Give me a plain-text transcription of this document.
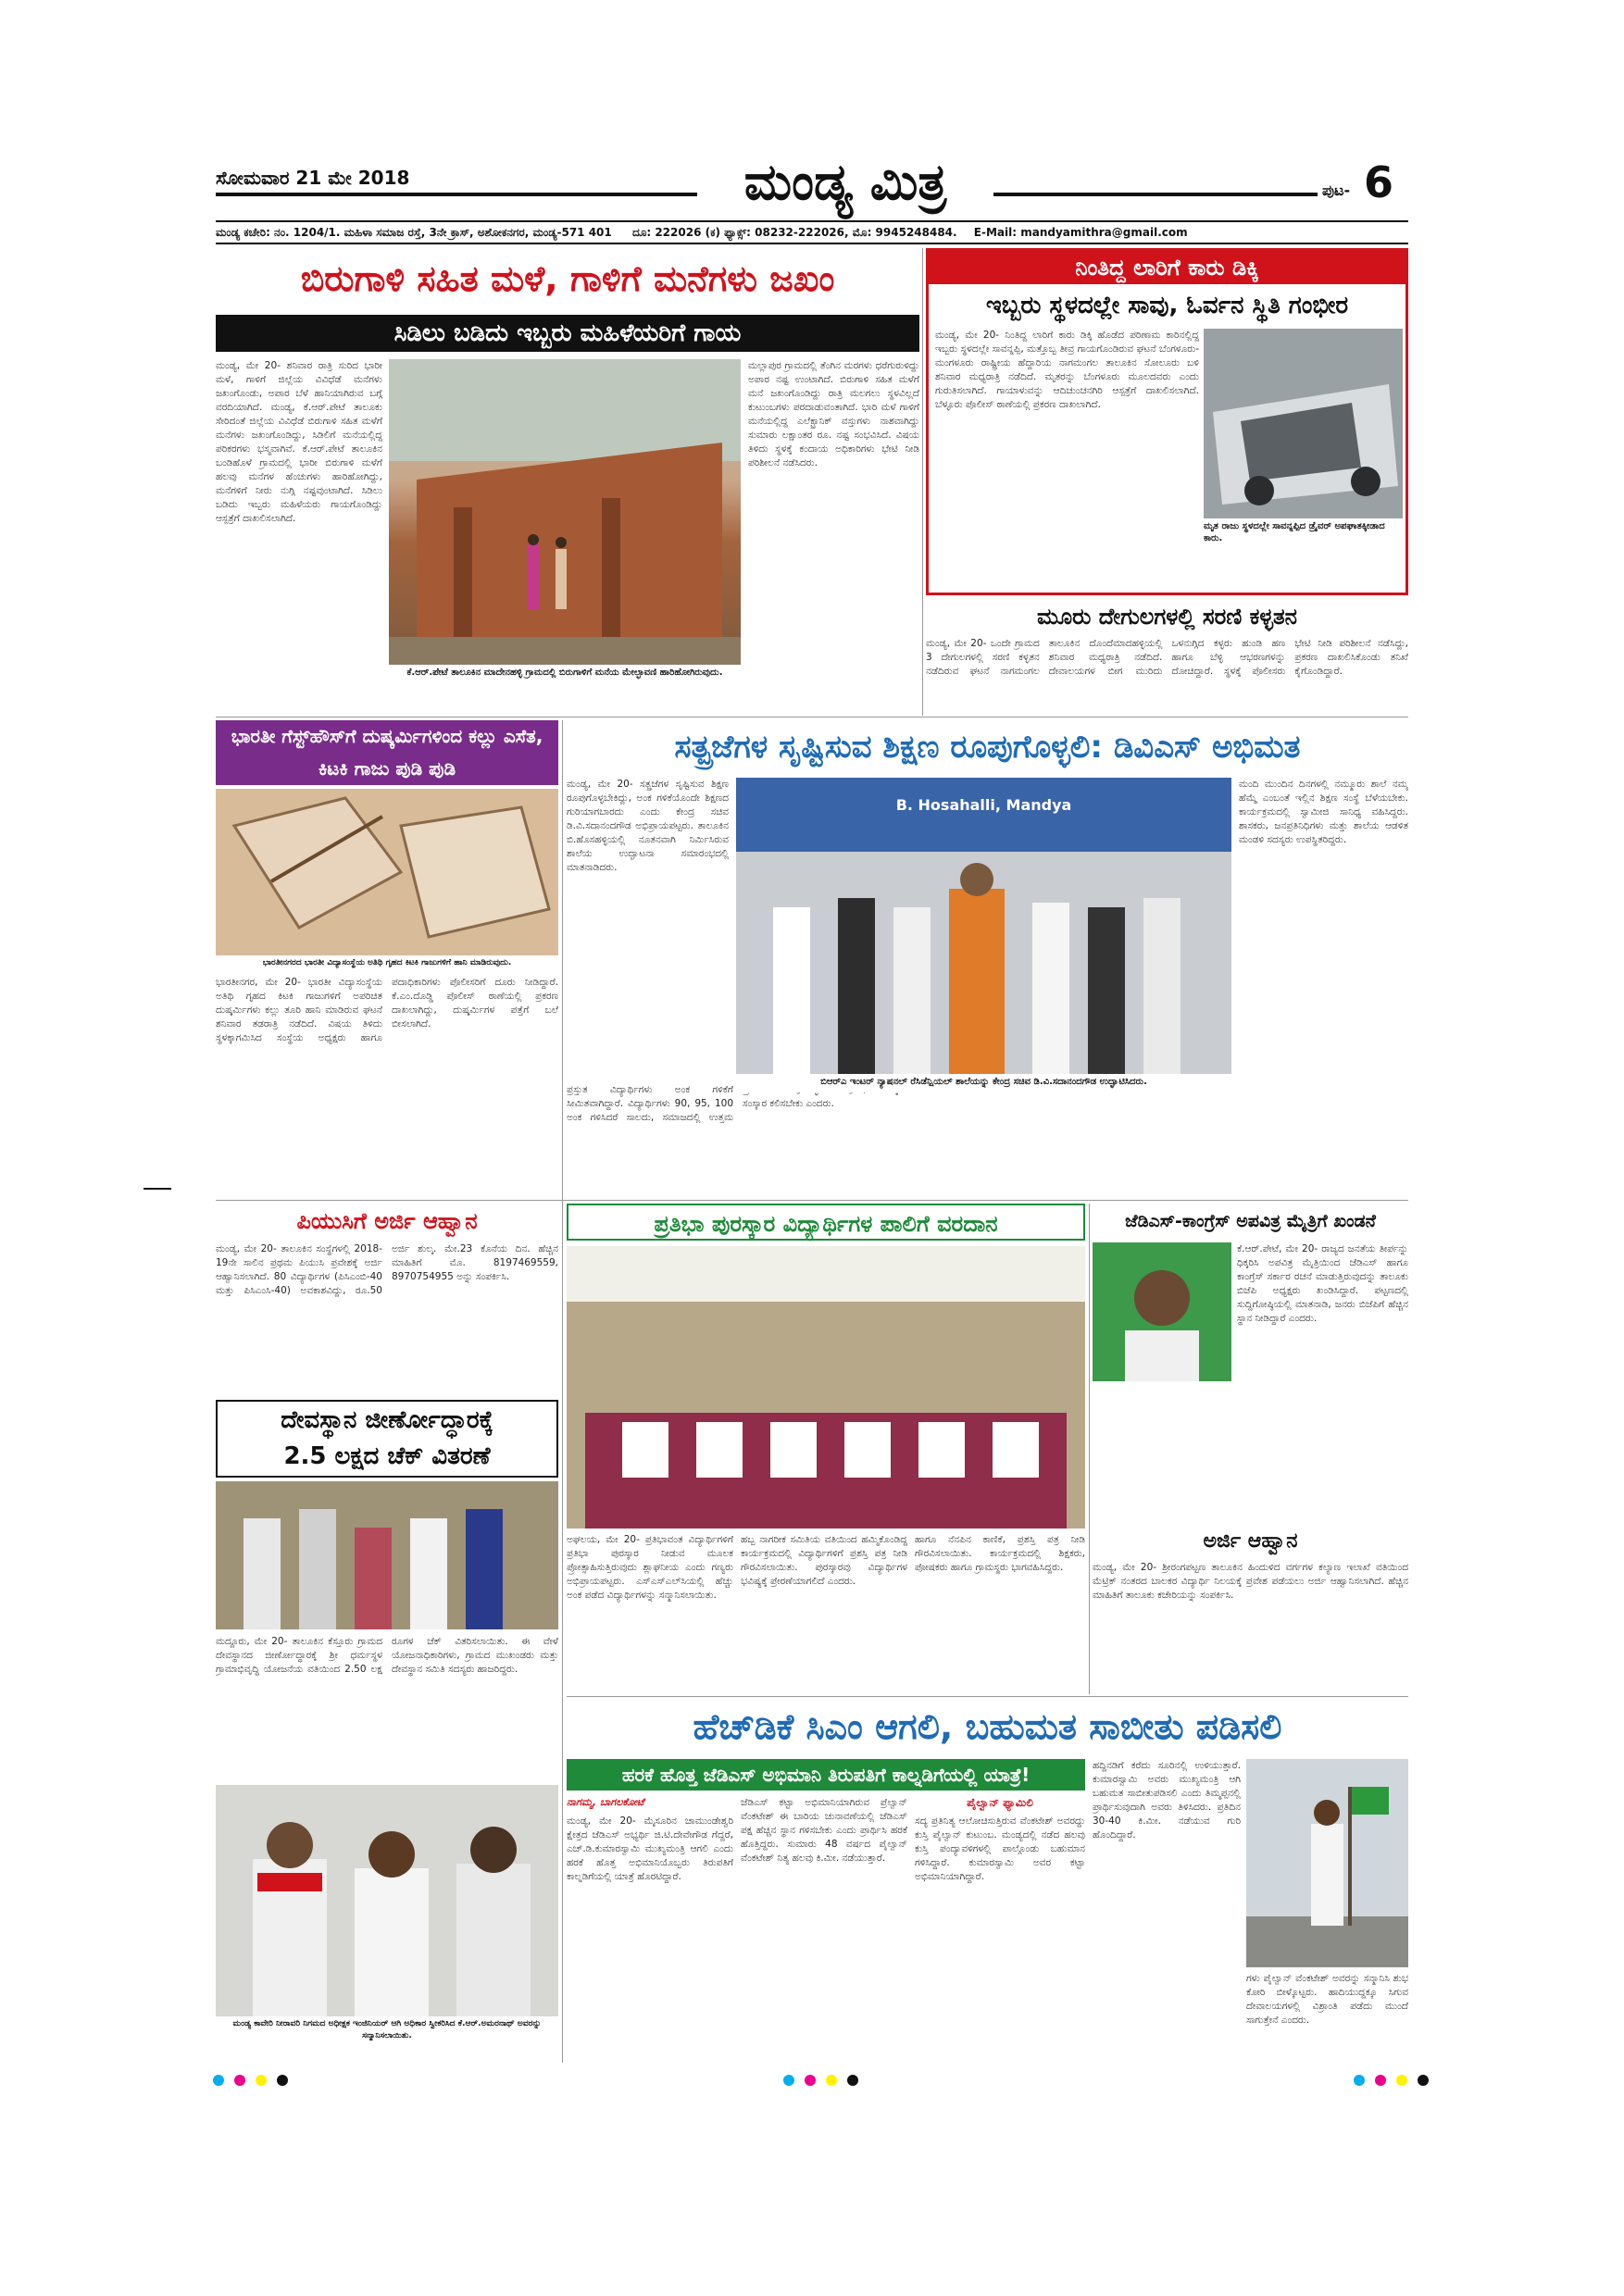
ಸೋಮವಾರ 21 ಮೇ 2018	ಮಂಡ್ಯ ಮಿತ್ರ	ಪುಟ- 6
ಮಂಡ್ಯ ಕಚೇರಿ: ನಂ. 1204/1. ಮಹಿಳಾ ಸಮಾಜ ರಸ್ತೆ, 3ನೇ ಕ್ರಾಸ್, ಅಶೋಕನಗರ, ಮಂಡ್ಯ-571 401 ದೂ: 222026 (ಕ) ಫ್ಯಾಕ್ಸ್: 08232-222026, ಮೊ: 9945248484. E-Mail: mandyamithra@gmail.com
ಬಿರುಗಾಳಿ ಸಹಿತ ಮಳೆ, ಗಾಳಿಗೆ ಮನೆಗಳು ಜಖಂ
ಸಿಡಿಲು ಬಡಿದು ಇಬ್ಬರು ಮಹಿಳೆಯರಿಗೆ ಗಾಯ
ಮಂಡ್ಯ, ಮೇ 20- ಶನಿವಾರ ರಾತ್ರಿ ಸುರಿದ ಭಾರೀ ಮಳೆ, ಗಾಳಿಗೆ ಜಿಲ್ಲೆಯ ವಿವಿಧೆಡೆ ಮನೆಗಳು ಜಖಂಗೊಂಡು, ಅಪಾರ ಬೆಳೆ ಹಾನಿಯಾಗಿರುವ ಬಗ್ಗೆ ವರದಿಯಾಗಿದೆ. ಮಂಡ್ಯ, ಕೆ.ಆರ್.ಪೇಟೆ ತಾಲೂಕು ಸೇರಿದಂತೆ ಜಿಲ್ಲೆಯ ವಿವಿಧೆಡೆ ಬಿರುಗಾಳಿ ಸಹಿತ ಮಳೆಗೆ ಮನೆಗಳು ಜಖಂಗೊಂಡಿದ್ದು, ಸಿಡಿಲಿಗೆ ಮನೆಯಲ್ಲಿದ್ದ ಪರಿಕರಗಳು ಭಸ್ಮವಾಗಿವೆ. ಕೆ.ಆರ್.ಪೇಟೆ ತಾಲೂಕಿನ ಬಂಡಿಹೊಳೆ ಗ್ರಾಮದಲ್ಲಿ ಭಾರೀ ಬಿರುಗಾಳಿ ಮಳೆಗೆ ಹಲವು ಮನೆಗಳ ಹೆಂಚುಗಳು ಹಾರಿಹೋಗಿದ್ದು, ಮನೆಗಳಿಗೆ ನೀರು ನುಗ್ಗಿ ನಷ್ಟವುಂಟಾಗಿದೆ. ಸಿಡಿಲು ಬಡಿದು ಇಬ್ಬರು ಮಹಿಳೆಯರು ಗಾಯಗೊಂಡಿದ್ದು ಆಸ್ಪತ್ರೆಗೆ ದಾಖಲಿಸಲಾಗಿದೆ.
ಕೆ.ಆರ್.ಪೇಟೆ ತಾಲೂಕಿನ ಮಾದೇನಹಳ್ಳಿ ಗ್ರಾಮದಲ್ಲಿ ಬಿರುಗಾಳಿಗೆ ಮನೆಯ ಮೇಲ್ಛಾವಣಿ ಹಾರಿಹೋಗಿರುವುದು.
ಮಲ್ಲಾಪುರ ಗ್ರಾಮದಲ್ಲಿ ತೆಂಗಿನ ಮರಗಳು ಧರೆಗುರುಳಿದ್ದು ಅಪಾರ ನಷ್ಟ ಉಂಟಾಗಿದೆ. ಬಿರುಗಾಳಿ ಸಹಿತ ಮಳೆಗೆ ಮನೆ ಜಖಂಗೊಂಡಿದ್ದು ರಾತ್ರಿ ಮಲಗಲು ಸ್ಥಳವಿಲ್ಲದೆ ಕುಟುಂಬಗಳು ಪರದಾಡುವಂತಾಗಿದೆ. ಭಾರಿ ಮಳೆ ಗಾಳಿಗೆ ಮನೆಯಲ್ಲಿದ್ದ ಎಲೆಕ್ಟ್ರಾನಿಕ್ ವಸ್ತುಗಳು ನಾಶವಾಗಿದ್ದು ಸುಮಾರು ಲಕ್ಷಾಂತರ ರೂ. ನಷ್ಟ ಸಂಭವಿಸಿದೆ. ವಿಷಯ ತಿಳಿದು ಸ್ಥಳಕ್ಕೆ ಕಂದಾಯ ಅಧಿಕಾರಿಗಳು ಭೇಟಿ ನೀಡಿ ಪರಿಶೀಲನೆ ನಡೆಸಿದರು.
ನಿಂತಿದ್ದ ಲಾರಿಗೆ ಕಾರು ಡಿಕ್ಕಿ
ಇಬ್ಬರು ಸ್ಥಳದಲ್ಲೇ ಸಾವು, ಓರ್ವನ ಸ್ಥಿತಿ ಗಂಭೀರ
ಮಂಡ್ಯ, ಮೇ 20- ನಿಂತಿದ್ದ ಲಾರಿಗೆ ಕಾರು ಡಿಕ್ಕಿ ಹೊಡೆದ ಪರಿಣಾಮ ಕಾರಿನಲ್ಲಿದ್ದ ಇಬ್ಬರು ಸ್ಥಳದಲ್ಲೇ ಸಾವನ್ನಪ್ಪಿ, ಮತ್ತೊಬ್ಬ ತೀವ್ರ ಗಾಯಗೊಂಡಿರುವ ಘಟನೆ ಬೆಂಗಳೂರು-ಮಂಗಳೂರು ರಾಷ್ಟ್ರೀಯ ಹೆದ್ದಾರಿಯ ನಾಗಮಂಗಲ ತಾಲೂಕಿನ ಸೋಲೂರು ಬಳಿ ಶನಿವಾರ ಮಧ್ಯರಾತ್ರಿ ನಡೆದಿದೆ. ಮೃತರನ್ನು ಬೆಂಗಳೂರು ಮೂಲದವರು ಎಂದು ಗುರುತಿಸಲಾಗಿದೆ. ಗಾಯಾಳುವನ್ನು ಆದಿಚುಂಚನಗಿರಿ ಆಸ್ಪತ್ರೆಗೆ ದಾಖಲಿಸಲಾಗಿದೆ. ಬೆಳ್ಳೂರು ಪೊಲೀಸ್ ಠಾಣೆಯಲ್ಲಿ ಪ್ರಕರಣ ದಾಖಲಾಗಿದೆ.
ಮೃತ ರಾಜು ಸ್ಥಳದಲ್ಲೇ ಸಾವನ್ನಪ್ಪಿದ ಡ್ರೈವರ್ ಅಪಘಾತಕ್ಕೀಡಾದ ಕಾರು.
ಮೂರು ದೇಗುಲಗಳಲ್ಲಿ ಸರಣಿ ಕಳ್ಳತನ
ಮಂಡ್ಯ, ಮೇ 20- ಒಂದೇ ಗ್ರಾಮದ 3 ದೇಗುಲಗಳಲ್ಲಿ ಸರಣಿ ಕಳ್ಳತನ ನಡೆದಿರುವ ಘಟನೆ ನಾಗಮಂಗಲ ತಾಲೂಕಿನ ದೊಂದೆಮಾದಹಳ್ಳಿಯಲ್ಲಿ ಶನಿವಾರ ಮಧ್ಯರಾತ್ರಿ ನಡೆದಿದೆ. ದೇವಾಲಯಗಳ ಬೀಗ ಮುರಿದು ಒಳನುಗ್ಗಿದ ಕಳ್ಳರು ಹುಂಡಿ ಹಣ ಹಾಗೂ ಬೆಳ್ಳಿ ಆಭರಣಗಳನ್ನು ದೋಚಿದ್ದಾರೆ. ಸ್ಥಳಕ್ಕೆ ಪೊಲೀಸರು ಭೇಟಿ ನೀಡಿ ಪರಿಶೀಲನೆ ನಡೆಸಿದ್ದು, ಪ್ರಕರಣ ದಾಖಲಿಸಿಕೊಂಡು ತನಿಖೆ ಕೈಗೊಂಡಿದ್ದಾರೆ.
ಭಾರತೀ ಗೆಸ್ಟ್‌ಹೌಸ್‌ಗೆ ದುಷ್ಕರ್ಮಿಗಳಿಂದ ಕಲ್ಲು ಎಸೆತ, ಕಿಟಕಿ ಗಾಜು ಪುಡಿ ಪುಡಿ
ಭಾರತೀನಗರದ ಭಾರತೀ ವಿದ್ಯಾಸಂಸ್ಥೆಯ ಅತಿಥಿ ಗೃಹದ ಕಿಟಕಿ ಗಾಜುಗಳಿಗೆ ಹಾನಿ ಮಾಡಿರುವುದು.
ಭಾರತೀನಗರ, ಮೇ 20- ಭಾರತೀ ವಿದ್ಯಾಸಂಸ್ಥೆಯ ಅತಿಥಿ ಗೃಹದ ಕಿಟಕಿ ಗಾಜುಗಳಿಗೆ ಅಪರಿಚಿತ ದುಷ್ಕರ್ಮಿಗಳು ಕಲ್ಲು ತೂರಿ ಹಾನಿ ಮಾಡಿರುವ ಘಟನೆ ಶನಿವಾರ ತಡರಾತ್ರಿ ನಡೆದಿದೆ. ವಿಷಯ ತಿಳಿದು ಸ್ಥಳಕ್ಕಾಗಮಿಸಿದ ಸಂಸ್ಥೆಯ ಅಧ್ಯಕ್ಷರು ಹಾಗೂ ಪದಾಧಿಕಾರಿಗಳು ಪೊಲೀಸರಿಗೆ ದೂರು ನೀಡಿದ್ದಾರೆ. ಕೆ.ಎಂ.ದೊಡ್ಡಿ ಪೊಲೀಸ್ ಠಾಣೆಯಲ್ಲಿ ಪ್ರಕರಣ ದಾಖಲಾಗಿದ್ದು, ದುಷ್ಕರ್ಮಿಗಳ ಪತ್ತೆಗೆ ಬಲೆ ಬೀಸಲಾಗಿದೆ.
ಸತ್ಪ್ರಜೆಗಳ ಸೃಷ್ಟಿಸುವ ಶಿಕ್ಷಣ ರೂಪುಗೊಳ್ಳಲಿ: ಡಿವಿಎಸ್ ಅಭಿಮತ
ಮಂಡ್ಯ, ಮೇ 20- ಸತ್ಪ್ರಜೆಗಳ ಸೃಷ್ಟಿಸುವ ಶಿಕ್ಷಣ ರೂಪುಗೊಳ್ಳಬೇಕಿದ್ದು, ಅಂಕ ಗಳಿಕೆಯೊಂದೇ ಶಿಕ್ಷಣದ ಗುರಿಯಾಗಬಾರದು ಎಂದು ಕೇಂದ್ರ ಸಚಿವ ಡಿ.ವಿ.ಸದಾನಂದಗೌಡ ಅಭಿಪ್ರಾಯಪಟ್ಟರು. ತಾಲೂಕಿನ ಬಿ.ಹೊಸಹಳ್ಳಿಯಲ್ಲಿ ನೂತನವಾಗಿ ನಿರ್ಮಿಸಿರುವ ಶಾಲೆಯ ಉದ್ಘಾಟನಾ ಸಮಾರಂಭದಲ್ಲಿ ಮಾತನಾಡಿದರು.
ಪ್ರಸ್ತುತ ವಿದ್ಯಾರ್ಥಿಗಳು ಅಂಕ ಗಳಿಕೆಗೆ ಸೀಮಿತವಾಗಿದ್ದಾರೆ. ವಿದ್ಯಾರ್ಥಿಗಳು 90, 95, 100 ಅಂಕ ಗಳಿಸಿದರೆ ಸಾಲದು, ಸಮಾಜದಲ್ಲಿ ಉತ್ತಮ ಸಂಸ್ಕಾರ ಕಲಿಸಬೇಕು ಎಂದರು.
B. Hosahalli, Mandya
ಬಿಆರ್‌ಎ ಇಂಟರ್ ನ್ಯಾಷನಲ್ ರೆಸಿಡೆನ್ಷಿಯಲ್ ಶಾಲೆಯನ್ನು ಕೇಂದ್ರ ಸಚಿವ ಡಿ.ವಿ.ಸದಾನಂದಗೌಡ ಉದ್ಘಾಟಿಸಿದರು.
ಮಂದಿ ಮುಂದಿನ ದಿನಗಳಲ್ಲಿ ನಮ್ಮೂರು ಶಾಲೆ ನಮ್ಮ ಹೆಮ್ಮೆ ಎಂಬಂತೆ ಇಲ್ಲಿನ ಶಿಕ್ಷಣ ಸಂಸ್ಥೆ ಬೆಳೆಯಬೇಕು. ಕಾರ್ಯಕ್ರಮದಲ್ಲಿ ಸ್ವಾಮೀಜಿ ಸಾನಿಧ್ಯ ವಹಿಸಿದ್ದರು. ಶಾಸಕರು, ಜನಪ್ರತಿನಿಧಿಗಳು ಮತ್ತು ಶಾಲೆಯ ಆಡಳಿತ ಮಂಡಳಿ ಸದಸ್ಯರು ಉಪಸ್ಥಿತರಿದ್ದರು.
ಪಿಯುಸಿಗೆ ಅರ್ಜಿ ಆಹ್ವಾನ
ಮಂಡ್ಯ, ಮೇ 20- ತಾಲೂಕಿನ ಸಂಸ್ಥೆಗಳಲ್ಲಿ 2018-19ನೇ ಸಾಲಿನ ಪ್ರಥಮ ಪಿಯುಸಿ ಪ್ರವೇಶಕ್ಕೆ ಅರ್ಜಿ ಆಹ್ವಾನಿಸಲಾಗಿದೆ. 80 ವಿದ್ಯಾರ್ಥಿಗಳ (ಪಿಸಿಎಂಬಿ-40 ಮತ್ತು ಪಿಸಿಎಂಸಿ-40) ಅವಕಾಶವಿದ್ದು, ರೂ.50 ಅರ್ಜಿ ಶುಲ್ಕ. ಮೇ.23 ಕೊನೆಯ ದಿನ. ಹೆಚ್ಚಿನ ಮಾಹಿತಿಗೆ ಮೊ. 8197469559, 8970754955 ಅನ್ನು ಸಂಪರ್ಕಿಸಿ.
ಪ್ರತಿಭಾ ಪುರಸ್ಕಾರ ವಿದ್ಯಾರ್ಥಿಗಳ ಪಾಲಿಗೆ ವರದಾನ
ಅಘಲಯ, ಮೇ 20- ಪ್ರತಿಭಾವಂತ ವಿದ್ಯಾರ್ಥಿಗಳಿಗೆ ಪ್ರತಿಭಾ ಪುರಸ್ಕಾರ ನೀಡುವ ಮೂಲಕ ಪ್ರೋತ್ಸಾಹಿಸುತ್ತಿರುವುದು ಶ್ಲಾಘನೀಯ ಎಂದು ಗಣ್ಯರು ಅಭಿಪ್ರಾಯಪಟ್ಟರು. ಎಸ್ಎಸ್ಎಲ್‌ಸಿಯಲ್ಲಿ ಹೆಚ್ಚು ಅಂಕ ಪಡೆದ ವಿದ್ಯಾರ್ಥಿಗಳನ್ನು ಸನ್ಮಾನಿಸಲಾಯಿತು.
ಹಬ್ಬ ನಾಗರೀಕ ಸಮಿತಿಯ ವತಿಯಿಂದ ಹಮ್ಮಿಕೊಂಡಿದ್ದ ಕಾರ್ಯಕ್ರಮದಲ್ಲಿ ವಿದ್ಯಾರ್ಥಿಗಳಿಗೆ ಪ್ರಶಸ್ತಿ ಪತ್ರ ನೀಡಿ ಗೌರವಿಸಲಾಯಿತು. ಪುರಸ್ಕಾರವು ವಿದ್ಯಾರ್ಥಿಗಳ ಭವಿಷ್ಯಕ್ಕೆ ಪ್ರೇರಣೆಯಾಗಲಿದೆ ಎಂದರು.
ಹಾಗೂ ನೆನಪಿನ ಕಾಣಿಕೆ, ಪ್ರಶಸ್ತಿ ಪತ್ರ ನೀಡಿ ಗೌರವಿಸಲಾಯಿತು. ಕಾರ್ಯಕ್ರಮದಲ್ಲಿ ಶಿಕ್ಷಕರು, ಪೋಷಕರು ಹಾಗೂ ಗ್ರಾಮಸ್ಥರು ಭಾಗವಹಿಸಿದ್ದರು.
ಜೆಡಿಎಸ್-ಕಾಂಗ್ರೆಸ್ ಅಪವಿತ್ರ ಮೈತ್ರಿಗೆ ಖಂಡನೆ
ಕೆ.ಆರ್.ಪೇಟೆ, ಮೇ 20- ರಾಜ್ಯದ ಜನತೆಯ ತೀರ್ಪನ್ನು ಧಿಕ್ಕರಿಸಿ ಅಪವಿತ್ರ ಮೈತ್ರಿಯಿಂದ ಜೆಡಿಎಸ್ ಹಾಗೂ ಕಾಂಗ್ರೆಸ್ ಸರ್ಕಾರ ರಚನೆ ಮಾಡುತ್ತಿರುವುದನ್ನು ತಾಲೂಕು ಬಿಜೆಪಿ ಅಧ್ಯಕ್ಷರು ಖಂಡಿಸಿದ್ದಾರೆ. ಪಟ್ಟಣದಲ್ಲಿ ಸುದ್ದಿಗೋಷ್ಠಿಯಲ್ಲಿ ಮಾತನಾಡಿ, ಜನರು ಬಿಜೆಪಿಗೆ ಹೆಚ್ಚಿನ ಸ್ಥಾನ ನೀಡಿದ್ದಾರೆ ಎಂದರು.
ಅರ್ಜಿ ಆಹ್ವಾನ
ಮಂಡ್ಯ, ಮೇ 20- ಶ್ರೀರಂಗಪಟ್ಟಣ ತಾಲೂಕಿನ ಹಿಂದುಳಿದ ವರ್ಗಗಳ ಕಲ್ಯಾಣ ಇಲಾಖೆ ವತಿಯಿಂದ ಮೆಟ್ರಿಕ್ ನಂತರದ ಬಾಲಕರ ವಿದ್ಯಾರ್ಥಿ ನಿಲಯಕ್ಕೆ ಪ್ರವೇಶ ಪಡೆಯಲು ಅರ್ಜಿ ಆಹ್ವಾನಿಸಲಾಗಿದೆ. ಹೆಚ್ಚಿನ ಮಾಹಿತಿಗೆ ತಾಲೂಕು ಕಚೇರಿಯನ್ನು ಸಂಪರ್ಕಿಸಿ.
ದೇವಸ್ಥಾನ ಜೀರ್ಣೋದ್ಧಾರಕ್ಕೆ
2.5 ಲಕ್ಷದ ಚೆಕ್ ವಿತರಣೆ
ಮದ್ದೂರು, ಮೇ 20- ತಾಲೂಕಿನ ಕೆಸ್ತೂರು ಗ್ರಾಮದ ದೇವಸ್ಥಾನದ ಜೀರ್ಣೋದ್ಧಾರಕ್ಕೆ ಶ್ರೀ ಧರ್ಮಸ್ಥಳ ಗ್ರಾಮಾಭಿವೃದ್ಧಿ ಯೋಜನೆಯ ವತಿಯಿಂದ 2.50 ಲಕ್ಷ ರೂಗಳ ಚೆಕ್ ವಿತರಿಸಲಾಯಿತು. ಈ ವೇಳೆ ಯೋಜನಾಧಿಕಾರಿಗಳು, ಗ್ರಾಮದ ಮುಖಂಡರು ಮತ್ತು ದೇವಸ್ಥಾನ ಸಮಿತಿ ಸದಸ್ಯರು ಹಾಜರಿದ್ದರು.
ಮಂಡ್ಯ ಕಾವೇರಿ ನೀರಾವರಿ ನಿಗಮದ ಅಧೀಕ್ಷಕ ಇಂಜಿನಿಯರ್ ಆಗಿ ಅಧಿಕಾರ ಸ್ವೀಕರಿಸಿದ ಕೆ.ಆರ್.ಅಮರನಾಥ್ ಅವರನ್ನು ಸನ್ಮಾನಿಸಲಾಯಿತು.
ಹೆಚ್‌ಡಿಕೆ ಸಿಎಂ ಆಗಲಿ, ಬಹುಮತ ಸಾಬೀತು ಪಡಿಸಲಿ
ಹರಕೆ ಹೊತ್ತ ಜೆಡಿಎಸ್ ಅಭಿಮಾನಿ ತಿರುಪತಿಗೆ ಕಾಲ್ನಡಿಗೆಯಲ್ಲಿ ಯಾತ್ರೆ!
ನಾಗಮ್ಮ, ಬಾಗಲಕೋಟೆ
ಮಂಡ್ಯ, ಮೇ 20- ಮೈಸೂರಿನ ಚಾಮುಂಡೇಶ್ವರಿ ಕ್ಷೇತ್ರದ ಜೆಡಿಎಸ್ ಅಭ್ಯರ್ಥಿ ಜಿ.ಟಿ.ದೇವೇಗೌಡ ಗೆದ್ದರೆ, ಎಚ್.ಡಿ.ಕುಮಾರಸ್ವಾಮಿ ಮುಖ್ಯಮಂತ್ರಿ ಆಗಲಿ ಎಂದು ಹರಕೆ ಹೊತ್ತ ಅಭಿಮಾನಿಯೊಬ್ಬರು ತಿರುಪತಿಗೆ ಕಾಲ್ನಡಿಗೆಯಲ್ಲಿ ಯಾತ್ರೆ ಹೊರಟಿದ್ದಾರೆ.
ಜೆಡಿಎಸ್ ಕಟ್ಟಾ ಅಭಿಮಾನಿಯಾಗಿರುವ ಪ್ರೆಲ್ವಾನ್ ವೆಂಕಟೇಶ್ ಈ ಬಾರಿಯ ಚುನಾವಣೆಯಲ್ಲಿ ಜೆಡಿಎಸ್ ಪಕ್ಷ ಹೆಚ್ಚಿನ ಸ್ಥಾನ ಗಳಿಸಬೇಕು ಎಂದು ಪ್ರಾರ್ಥಿಸಿ ಹರಕೆ ಹೊತ್ತಿದ್ದರು. ಸುಮಾರು 48 ವರ್ಷದ ಪೈಲ್ವಾನ್ ವೆಂಕಟೇಶ್ ನಿತ್ಯ ಹಲವು ಕಿ.ಮೀ. ನಡೆಯುತ್ತಾರೆ.
ಪೈಲ್ವಾನ್ ಫ್ಯಾಮಿಲಿ
ಸದ್ಯ ಪ್ರತಿನಿತ್ಯ ಆಲೋಚಿಸುತ್ತಿರುವ ವೆಂಕಟೇಶ್ ಅವರದ್ದು ಕುಸ್ತಿ ಪೈಲ್ವಾನ್ ಕುಟುಂಬ. ಮಂಡ್ಯದಲ್ಲಿ ನಡೆದ ಹಲವು ಕುಸ್ತಿ ಪಂದ್ಯಾವಳಿಗಳಲ್ಲಿ ಪಾಲ್ಗೊಂಡು ಬಹುಮಾನ ಗಳಿಸಿದ್ದಾರೆ. ಕುಮಾರಸ್ವಾಮಿ ಅವರ ಕಟ್ಟಾ ಅಭಿಮಾನಿಯಾಗಿದ್ದಾರೆ.
ಹದ್ದಿನಡಿಗೆ ಕರೆದು ಸೂರಿನಲ್ಲಿ ಉಳಿಯುತ್ತಾರೆ. ಕುಮಾರಸ್ವಾಮಿ ಅವರು ಮುಖ್ಯಮಂತ್ರಿ ಆಗಿ ಬಹುಮತ ಸಾಬೀತುಪಡಿಸಲಿ ಎಂದು ತಿಮ್ಮಪ್ಪನಲ್ಲಿ ಪ್ರಾರ್ಥಿಸುವುದಾಗಿ ಅವರು ತಿಳಿಸಿದರು. ಪ್ರತಿದಿನ 30-40 ಕಿ.ಮೀ. ನಡೆಯುವ ಗುರಿ ಹೊಂದಿದ್ದಾರೆ.
ಗಳು ಪೈಲ್ವಾನ್ ವೆಂಕಟೇಶ್ ಅವರನ್ನು ಸನ್ಮಾನಿಸಿ ಶುಭ ಕೋರಿ ಬೀಳ್ಕೊಟ್ಟರು. ಹಾದಿಯುದ್ದಕ್ಕೂ ಸಿಗುವ ದೇವಾಲಯಗಳಲ್ಲಿ ವಿಶ್ರಾಂತಿ ಪಡೆದು ಮುಂದೆ ಸಾಗುತ್ತೇನೆ ಎಂದರು.
